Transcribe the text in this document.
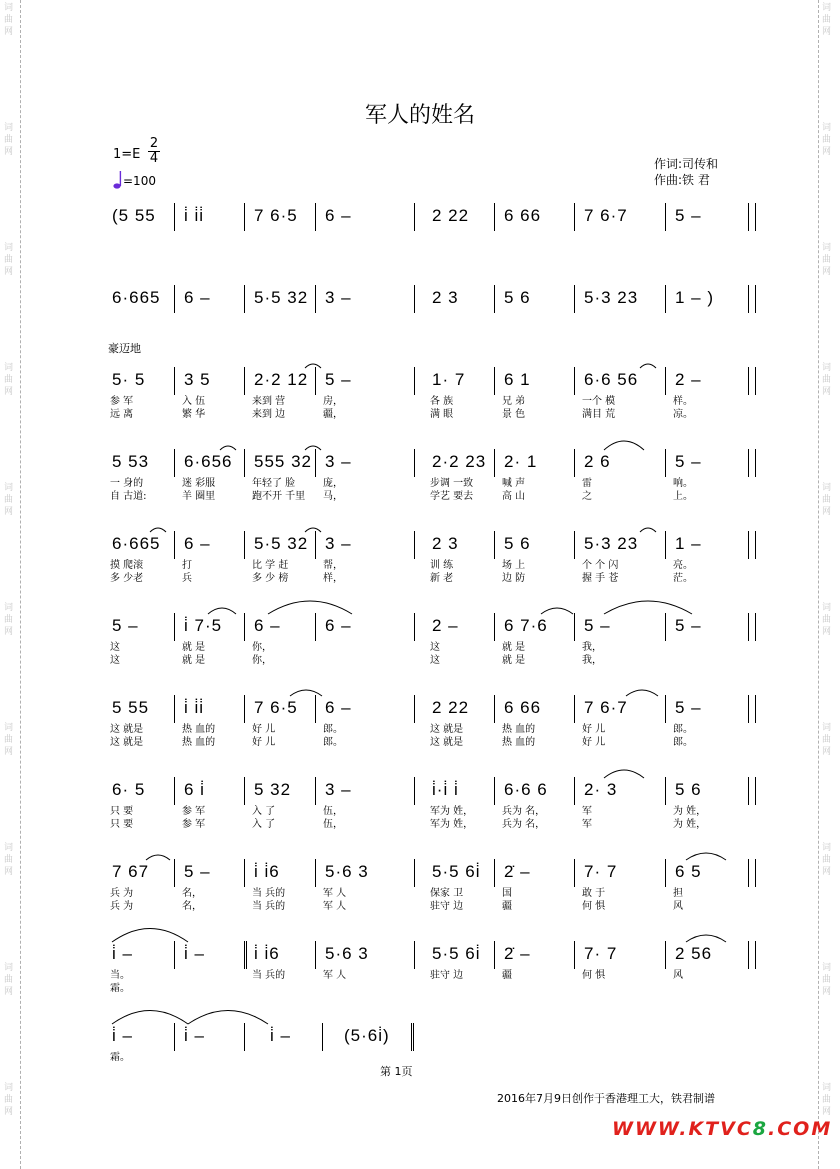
词曲网
词曲网
词曲网
词曲网
词曲网
词曲网
词曲网
词曲网
词曲网
词曲网
词曲网
词曲网
词曲网
词曲网
词曲网
词曲网
词曲网
词曲网
词曲网
词曲网
军人的姓名
$1=E \frac{2}{4}$
=100
作词:司传和
作曲:铁 君
豪迈地
(5 55 i̇ i̇i̇	7 6·5 6 –	2 22 6 66	7 6·7	5 –
6·665 6 –	5·5 32 3 –	2 3	5 6	5·3 23 1 – )
5· 5 3 5	2·2 12 5 –	1· 7 6 1	6·6 56 2 –
参 军	入 伍	来到 营	房，	各 族	兄 弟	一个 模	样。
远 离	繁 华	来到 边	疆，	满 眼	景 色	满目 荒	凉。
5 53 6·656 555 32 3 –	2·2 23 2· 1	2 6	5 –
一 身的	迷 彩服	年轻了 脸	庞，	步调 一致	喊 声	雷	响。
自 古道:	羊 圈里	跑不开 千里 马，	学艺 要去	高 山	之	上。
6·665 6 –	5·5 32 3 –	2 3	5 6	5·3 23 1 –
摸 爬滚	打	比 学 赶	帮，	训 练	场 上	个 个 闪	亮。
多 少老	兵	多 少 榜	样，	新 老	边 防	握 手 苍	茫。
5 –	i̇ 7·5 6 –	6 –	2 –	6 7·6 5 –	5 –
这	就 是	你，	这	就 是	我，
这	就 是	你，	这	就 是	我，
5 55 i̇ i̇i̇	7 6·5 6 –	2 22 6 66	7 6·7	5 –
这 就是	热 血的	好 儿	郎。	这 就是	热 血的	好 儿	郎。
这 就是	热 血的	好 儿	郎。	这 就是	热 血的	好 儿	郎。
6· 5 6 i̇	5 32 3 –	i̇·i̇ i̇	6·6 6 2· 3	5 6
只 要	参 军	入 了	伍，	军为 姓，	兵为 名，	军	为 姓，
只 要	参 军	入 了	伍，	军为 姓，	兵为 名，	军	为 姓，
7 67 5 –	i̇ i̇6	5·6 3	5·5 6i̇ 2̇ –	7· 7	6 5
兵 为	名，	当 兵的	军 人	保家 卫	国	敢 于	担
兵 为	名，	当 兵的	军 人	驻守 边	疆	何 惧	风
i̇ –	i̇ –	i̇ i̇6	5·6 3	5·5 6i̇ 2̇ –	7· 7	2 56
当。	当 兵的	军 人	驻守 边	疆	何 惧	风
霜。
i̇ –	i̇ –	i̇ –	(5·6i̇)
霜。
第 1页
2016年7月9日创作于香港理工大，铁君制谱
WWW.KTVC8.COM
